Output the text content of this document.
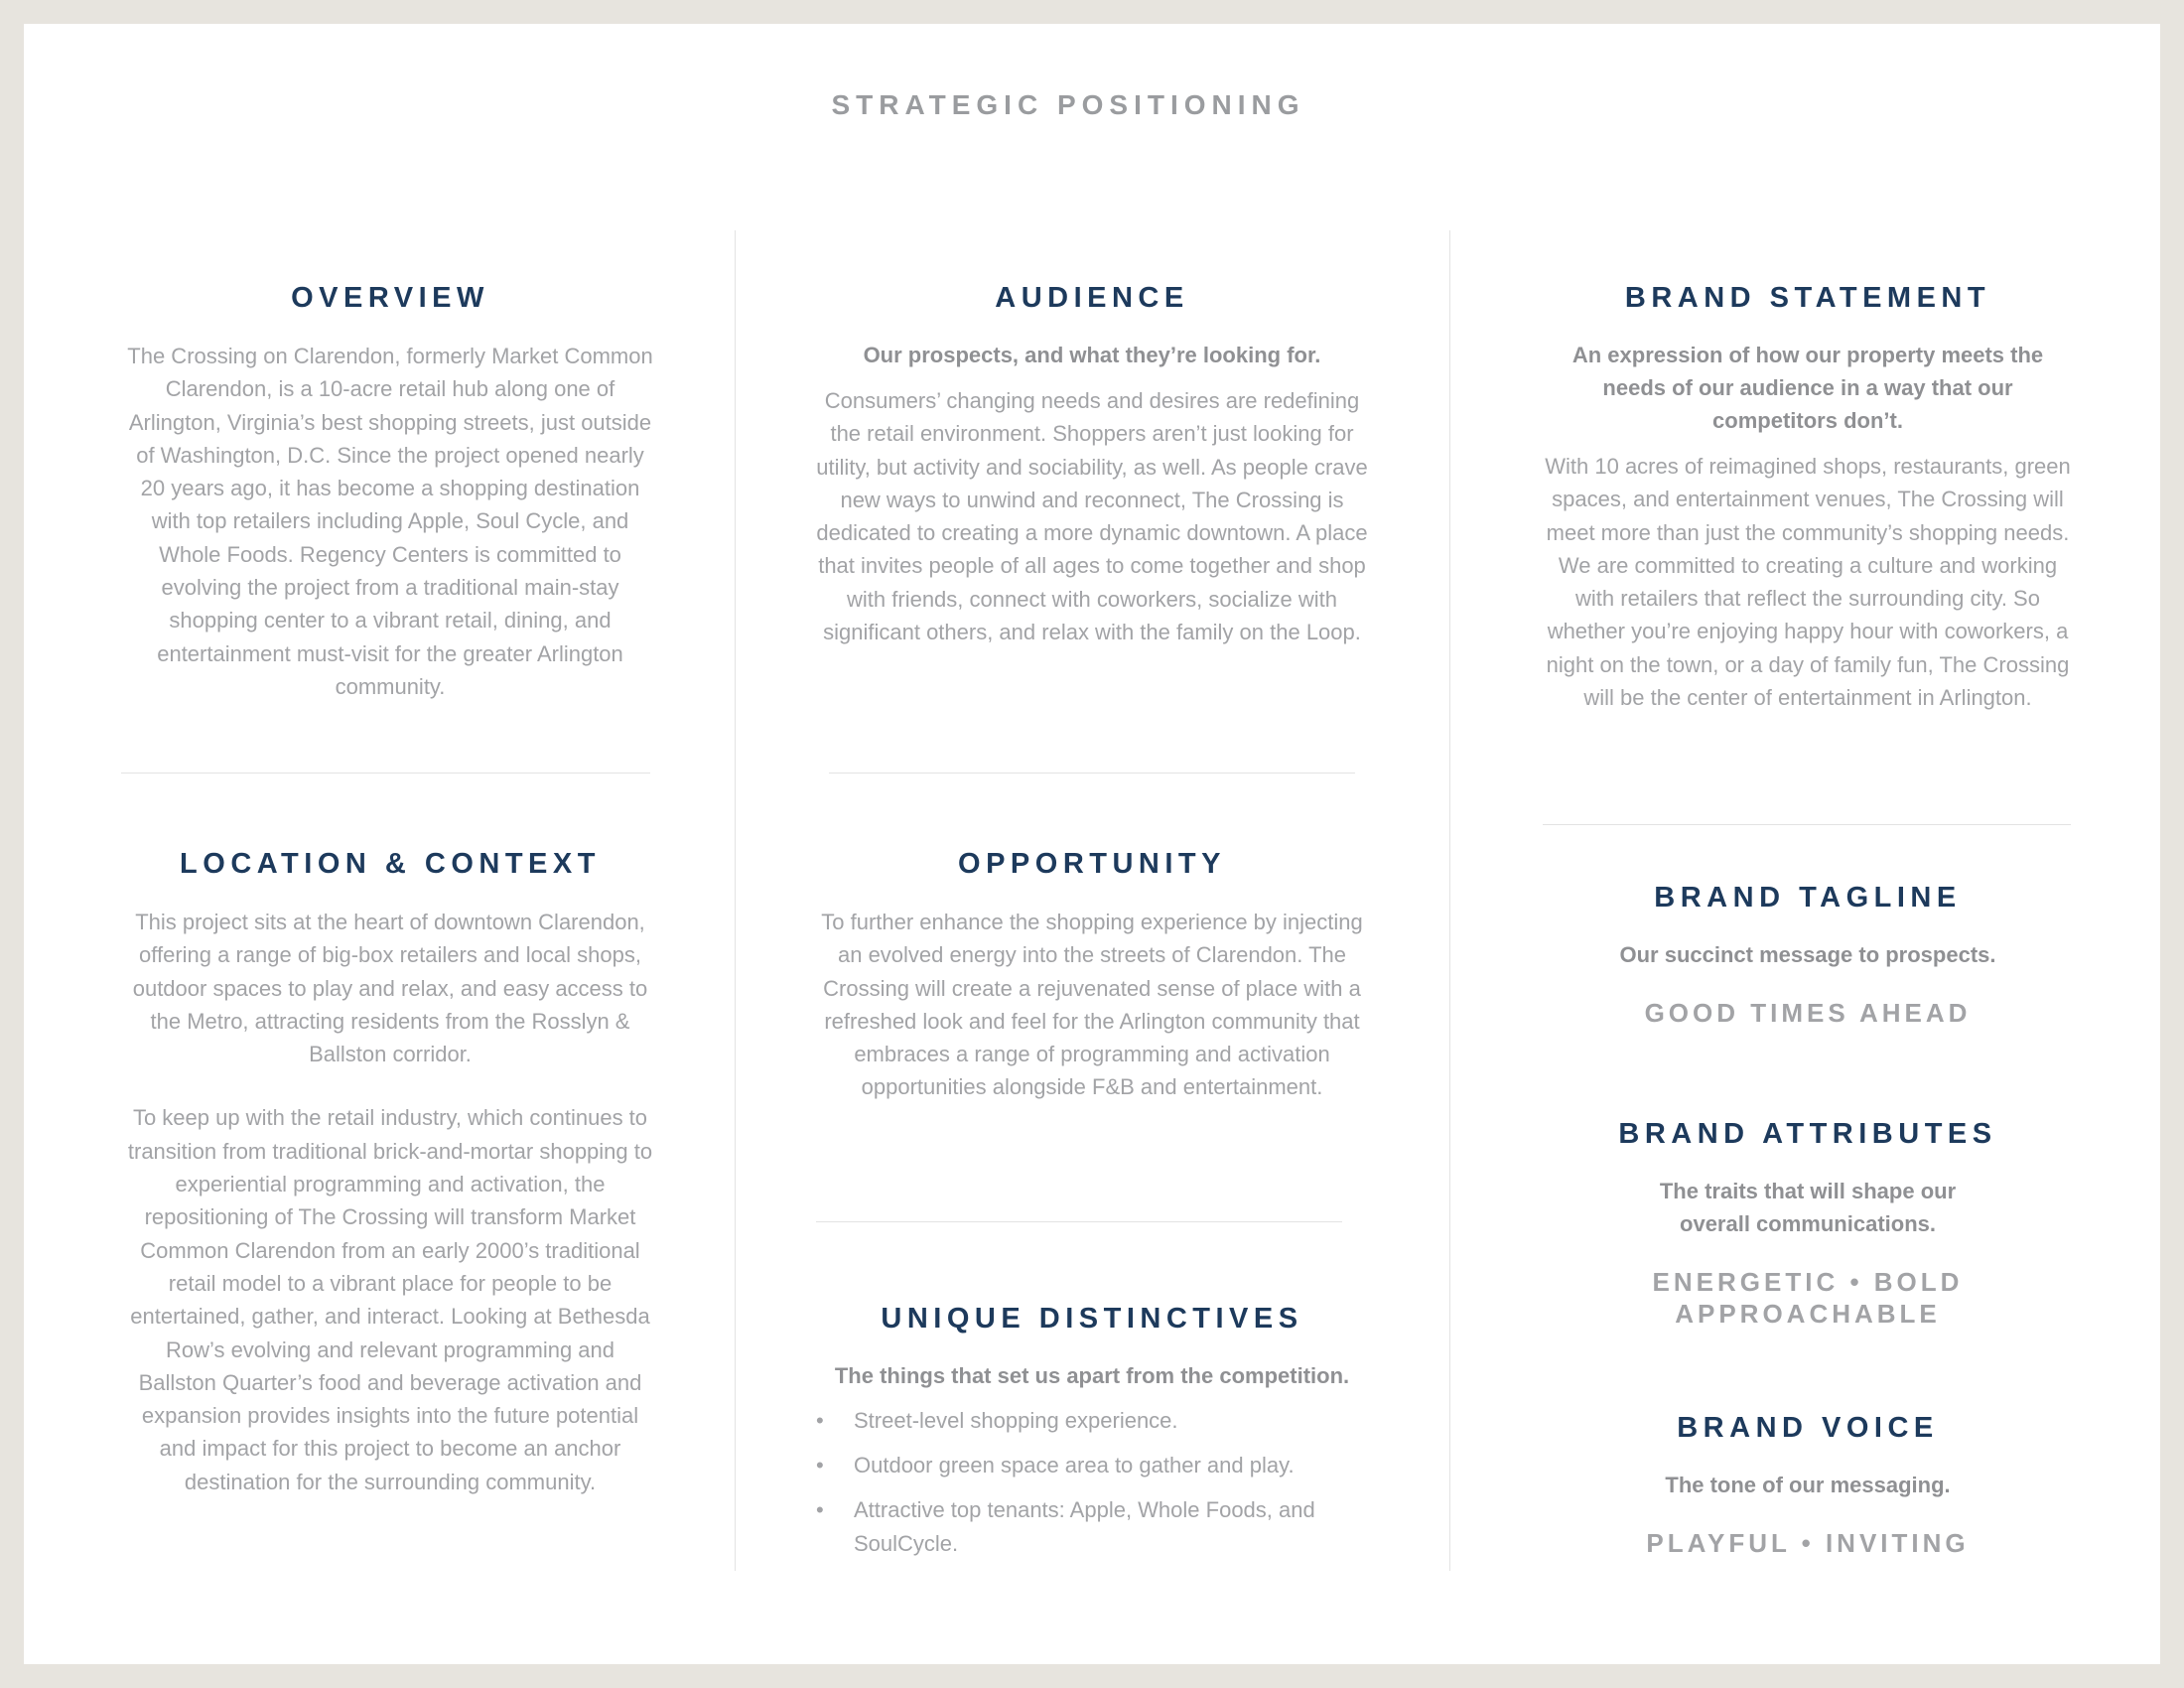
STRATEGIC POSITIONING
OVERVIEW

The Crossing on Clarendon, formerly Market Common Clarendon, is a 10-acre retail hub along one of Arlington, Virginia’s best shopping streets, just outside of Washington, D.C. Since the project opened nearly 20 years ago, it has become a shopping destination with top retailers including Apple, Soul Cycle, and Whole Foods. Regency Centers is committed to evolving the project from a traditional main-stay shopping center to a vibrant retail, dining, and entertainment must-visit for the greater Arlington community.

LOCATION & CONTEXT

This project sits at the heart of downtown Clarendon, offering a range of big-box retailers and local shops, outdoor spaces to play and relax, and easy access to the Metro, attracting residents from the Rosslyn & Ballston corridor.

To keep up with the retail industry, which continues to transition from traditional brick-and-mortar shopping to experiential programming and activation, the repositioning of The Crossing will transform Market Common Clarendon from an early 2000’s traditional retail model to a vibrant place for people to be entertained, gather, and interact. Looking at Bethesda Row’s evolving and relevant programming and Ballston Quarter’s food and beverage activation and expansion provides insights into the future potential and impact for this project to become an anchor destination for the surrounding community.

AUDIENCE

Our prospects, and what they’re looking for.

Consumers’ changing needs and desires are redefining the retail environment. Shoppers aren’t just looking for utility, but activity and sociability, as well. As people crave new ways to unwind and reconnect, The Crossing is dedicated to creating a more dynamic downtown. A place that invites people of all ages to come together and shop with friends, connect with coworkers, socialize with significant others, and relax with the family on the Loop.

OPPORTUNITY

To further enhance the shopping experience by injecting an evolved energy into the streets of Clarendon. The Crossing will create a rejuvenated sense of place with a refreshed look and feel for the Arlington community that embraces a range of programming and activation opportunities alongside F&B and entertainment.

UNIQUE DISTINCTIVES

The things that set us apart from the competition.

• Street-level shopping experience.
• Outdoor green space area to gather and play.
• Attractive top tenants: Apple, Whole Foods, and SoulCycle.
BRAND STATEMENT

An expression of how our property meets the needs of our audience in a way that our competitors don’t.

With 10 acres of reimagined shops, restaurants, green spaces, and entertainment venues, The Crossing will meet more than just the community’s shopping needs. We are committed to creating a culture and working with retailers that reflect the surrounding city. So whether you’re enjoying happy hour with coworkers, a night on the town, or a day of family fun, The Crossing will be the center of entertainment in Arlington.

BRAND TAGLINE

Our succinct message to prospects.

GOOD TIMES AHEAD

BRAND ATTRIBUTES

The traits that will shape our overall communications.

ENERGETIC • BOLD

APPROACHABLE

BRAND VOICE

The tone of our messaging.

PLAYFUL • INVITING
